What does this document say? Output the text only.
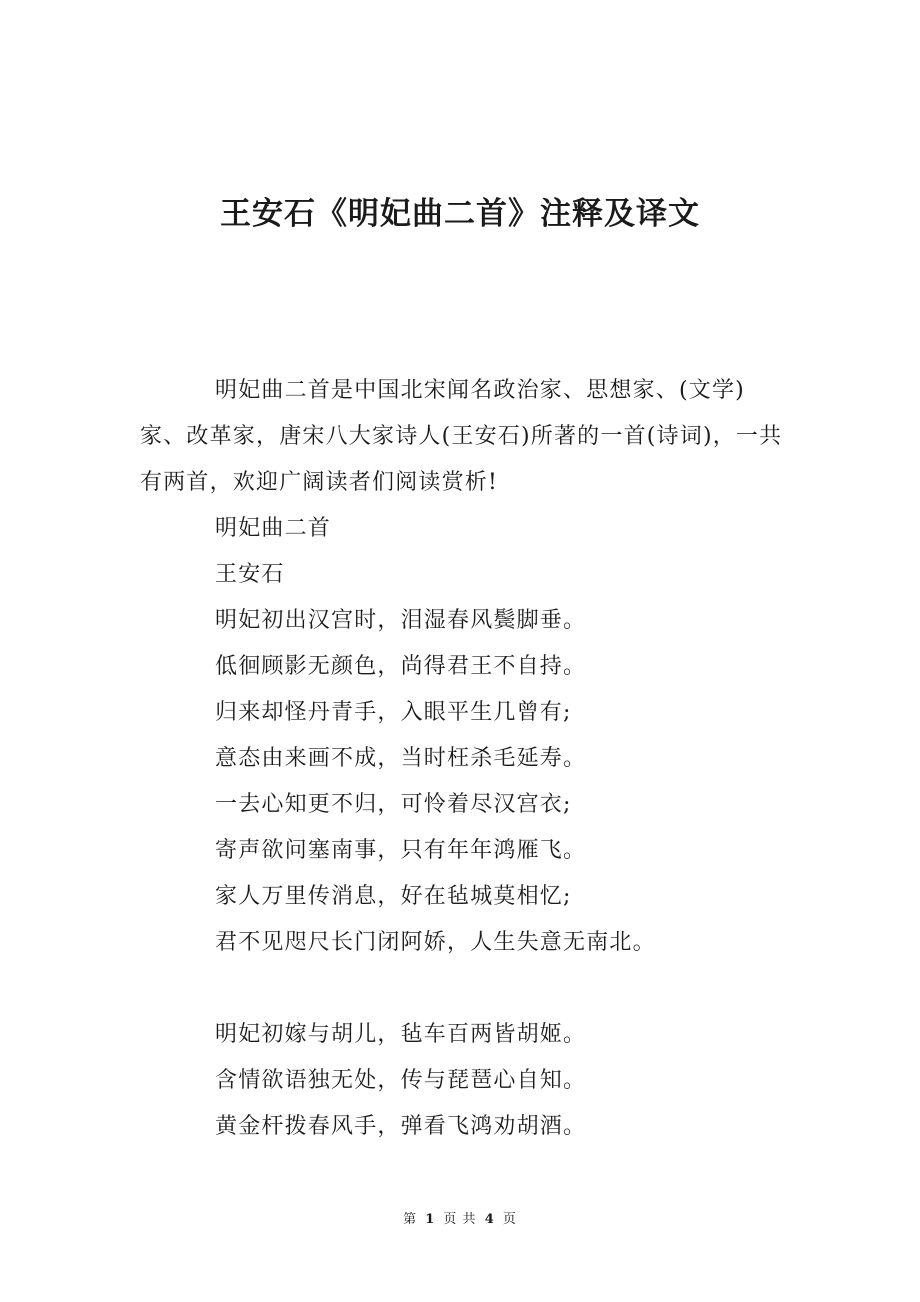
王安石《明妃曲二首》注释及译文

明妃曲二首是中国北宋闻名政治家、思想家、(文学)家、改革家，唐宋八大家诗人(王安石)所著的一首(诗词)，一共有两首，欢迎广阔读者们阅读赏析!

明妃曲二首

王安石

明妃初出汉宫时，泪湿春风鬓脚垂。

低徊顾影无颜色，尚得君王不自持。

归来却怪丹青手，入眼平生几曾有;

意态由来画不成，当时枉杀毛延寿。

一去心知更不归，可怜着尽汉宫衣;

寄声欲问塞南事，只有年年鸿雁飞。

家人万里传消息，好在毡城莫相忆;

君不见咫尺长门闭阿娇，人生失意无南北。

明妃初嫁与胡儿，毡车百两皆胡姬。

含情欲语独无处，传与琵琶心自知。

黄金杆拨春风手，弹看飞鸿劝胡酒。

第 1 页 共 4 页
